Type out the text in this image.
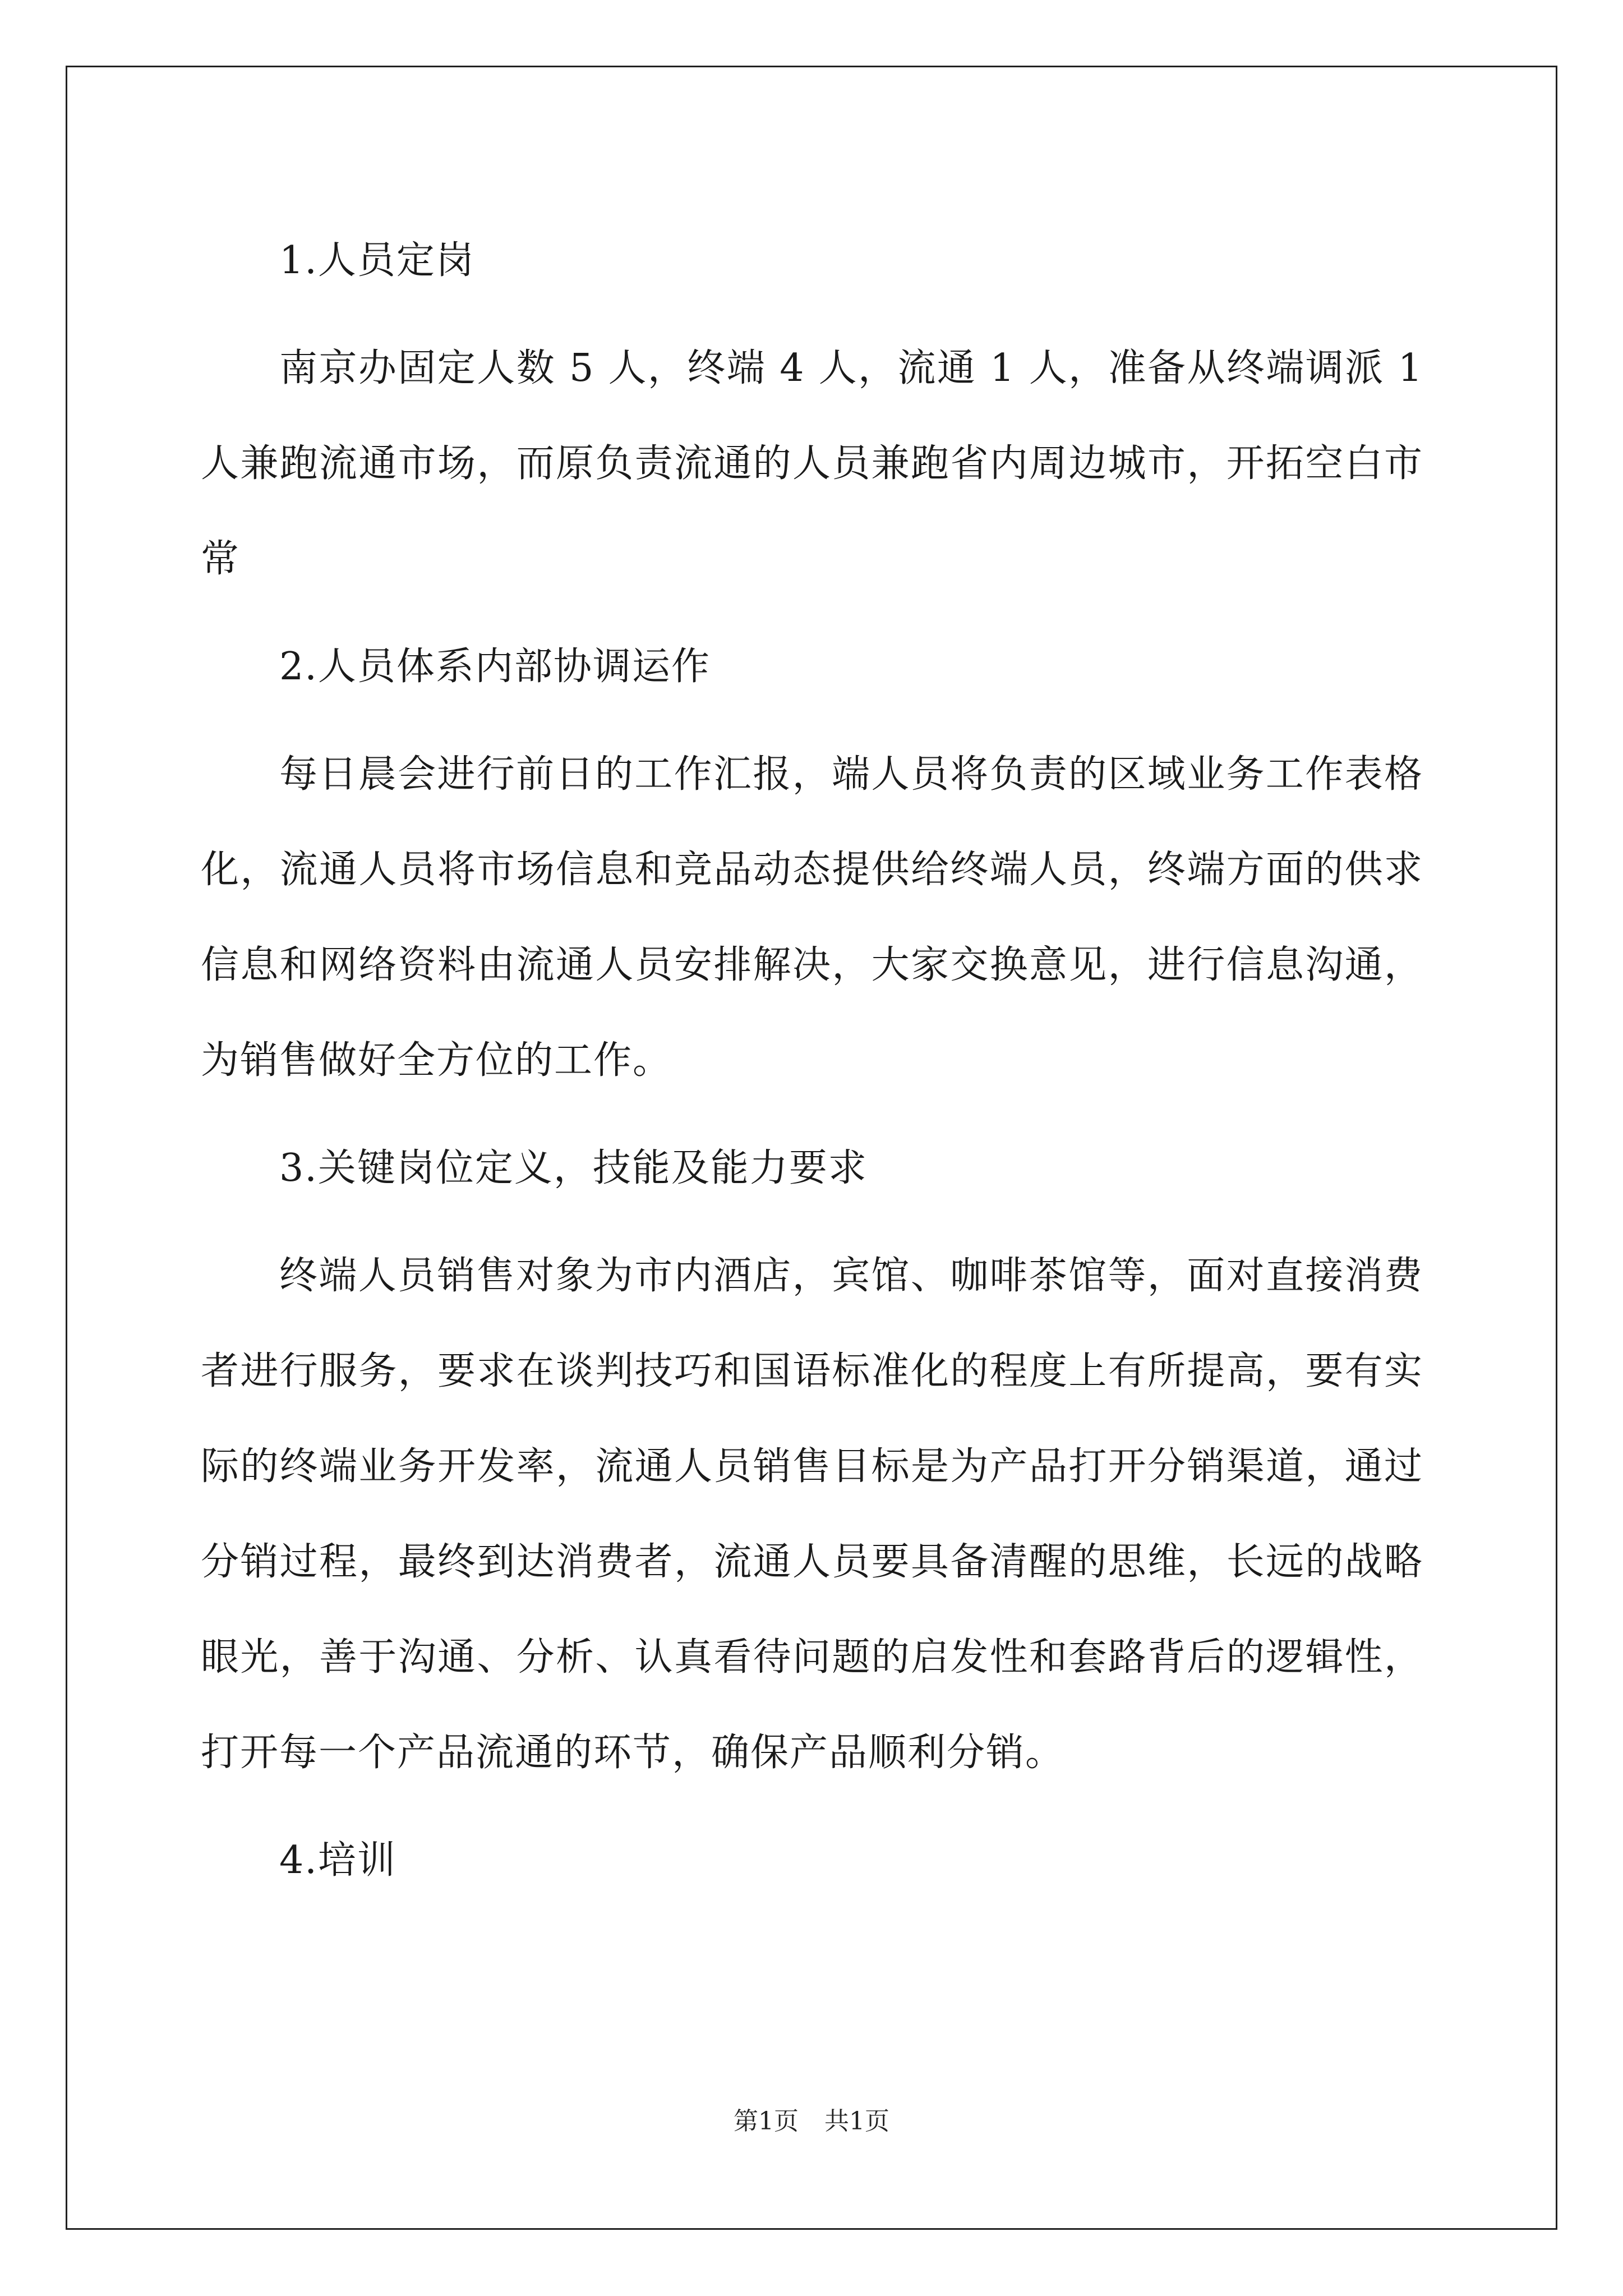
1.人员定岗

南京办固定人数 5 人，终端 4 人，流通 1 人，准备从终端调派 1 人兼跑流通市场，而原负责流通的人员兼跑省内周边城市，开拓空白市常

2.人员体系内部协调运作

每日晨会进行前日的工作汇报，端人员将负责的区域业务工作表格化，流通人员将市场信息和竞品动态提供给终端人员，终端方面的供求信息和网络资料由流通人员安排解决，大家交换意见，进行信息沟通，为销售做好全方位的工作。

3.关键岗位定义，技能及能力要求

终端人员销售对象为市内酒店，宾馆、咖啡茶馆等，面对直接消费者进行服务，要求在谈判技巧和国语标准化的程度上有所提高，要有实际的终端业务开发率，流通人员销售目标是为产品打开分销渠道，通过分销过程，最终到达消费者，流通人员要具备清醒的思维，长远的战略眼光，善于沟通、分析、认真看待问题的启发性和套路背后的逻辑性，打开每一个产品流通的环节，确保产品顺利分销。

4.培训

第1页 共1页
